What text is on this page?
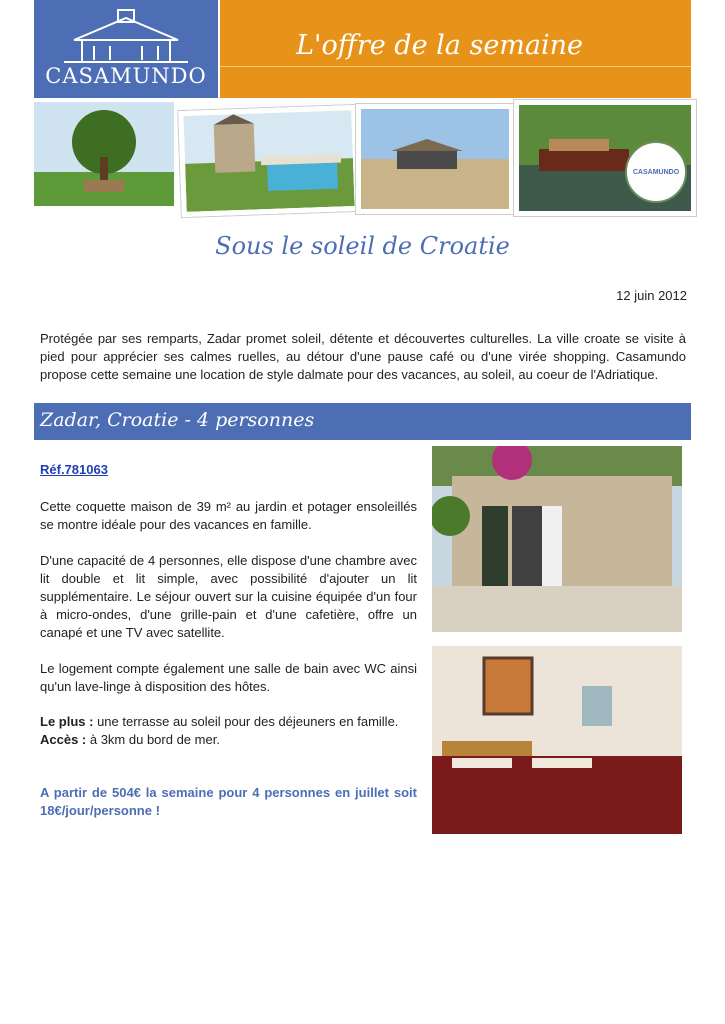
CASAMUNDO
L'offre de la semaine
CASAMUNDO
Sous le soleil de Croatie
12 juin 2012
Protégée par ses remparts, Zadar promet soleil, détente et découvertes culturelles. La ville croate se visite à pied pour apprécier ses calmes ruelles, au détour d'une pause café ou d'une virée shopping. Casamundo propose cette semaine une location de style dalmate pour des vacances, au soleil, au coeur de l'Adriatique.
Zadar, Croatie - 4 personnes
Réf.781063
Cette coquette maison de 39 m² au jardin et potager ensoleillés se montre idéale pour des vacances en famille.
D'une capacité de 4 personnes, elle dispose d'une chambre avec lit double et lit simple, avec possibilité d'ajouter un lit supplémentaire. Le séjour ouvert sur la cuisine équipée d'un four à micro-ondes, d'une grille-pain et d'une cafetière, offre un canapé et une TV avec satellite.
Le logement compte également une salle de bain avec WC ainsi qu'un lave-linge à disposition des hôtes.
Le plus : une terrasse au soleil pour des déjeuners en famille.
Accès : à 3km du bord de mer.
A partir de 504€ la semaine pour 4 personnes en juillet soit 18€/jour/personne !
